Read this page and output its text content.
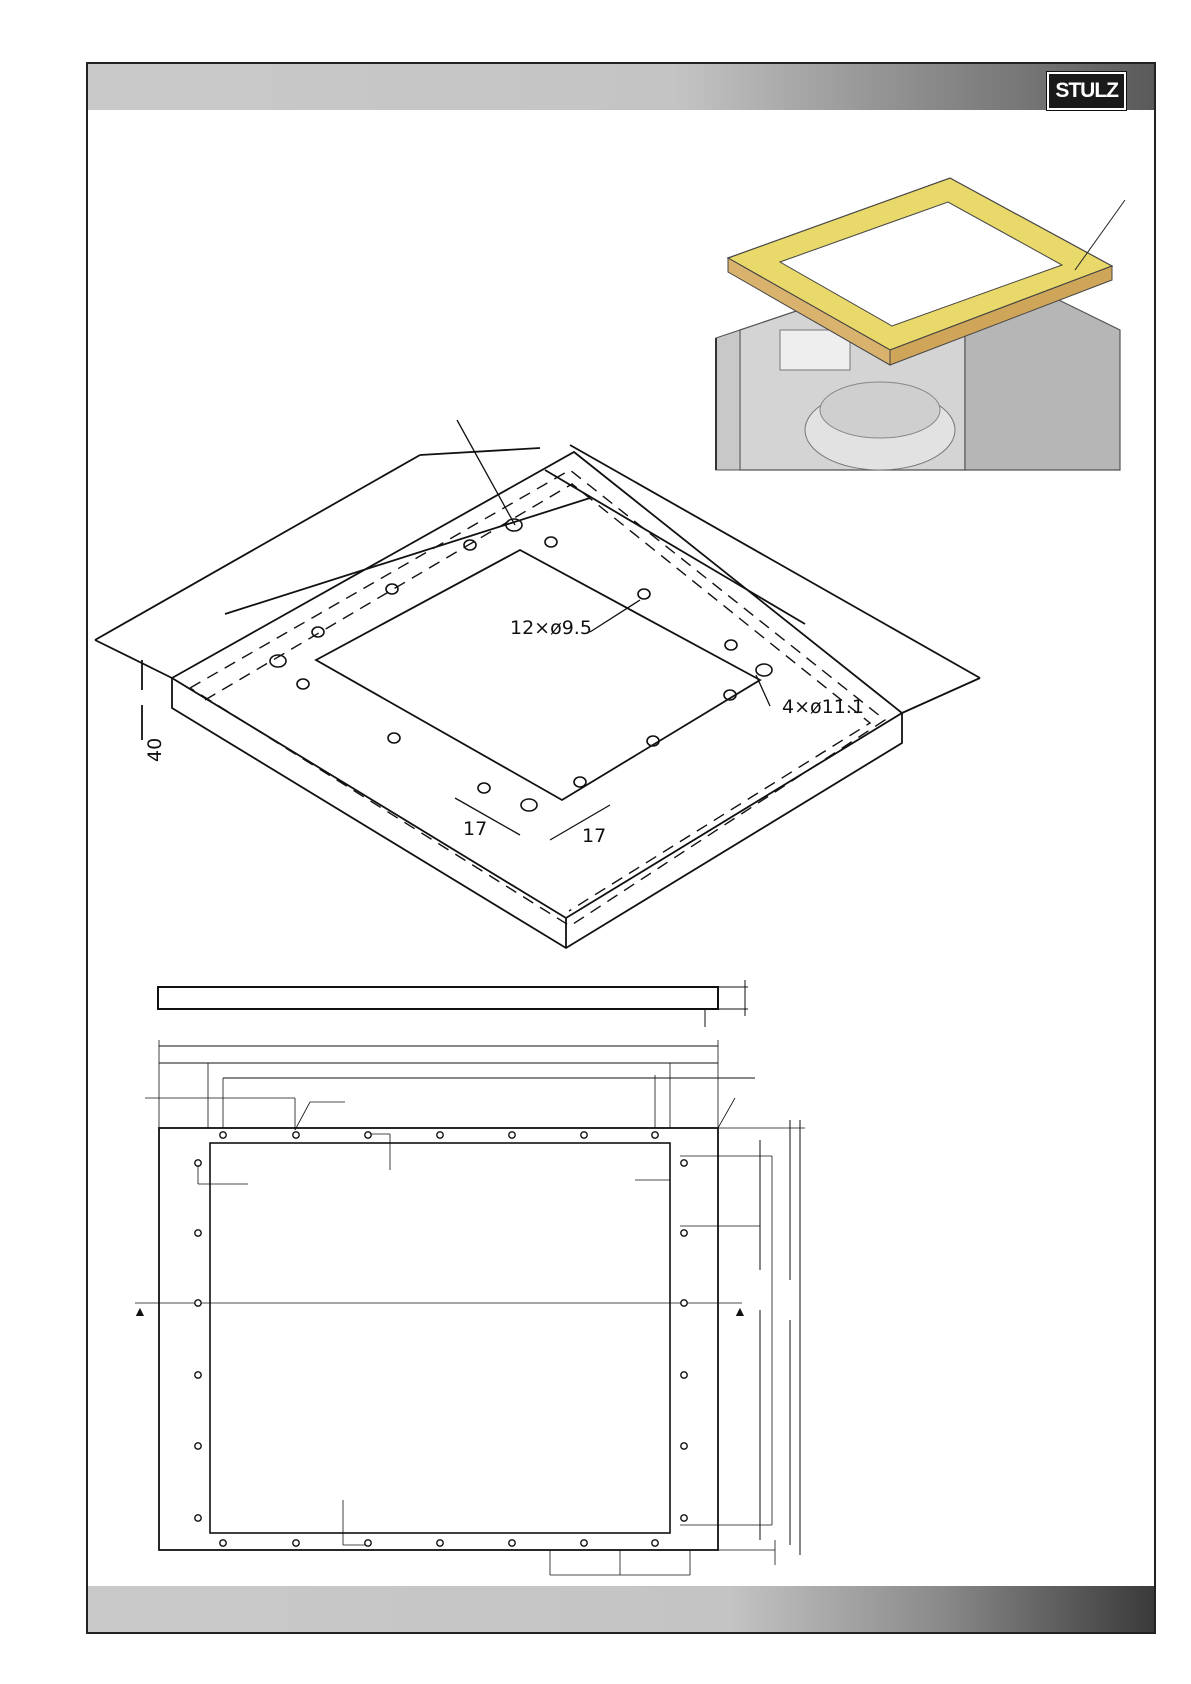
STULZ
12×ø9.5
4×ø11.1
40
17	17
▲	▲
